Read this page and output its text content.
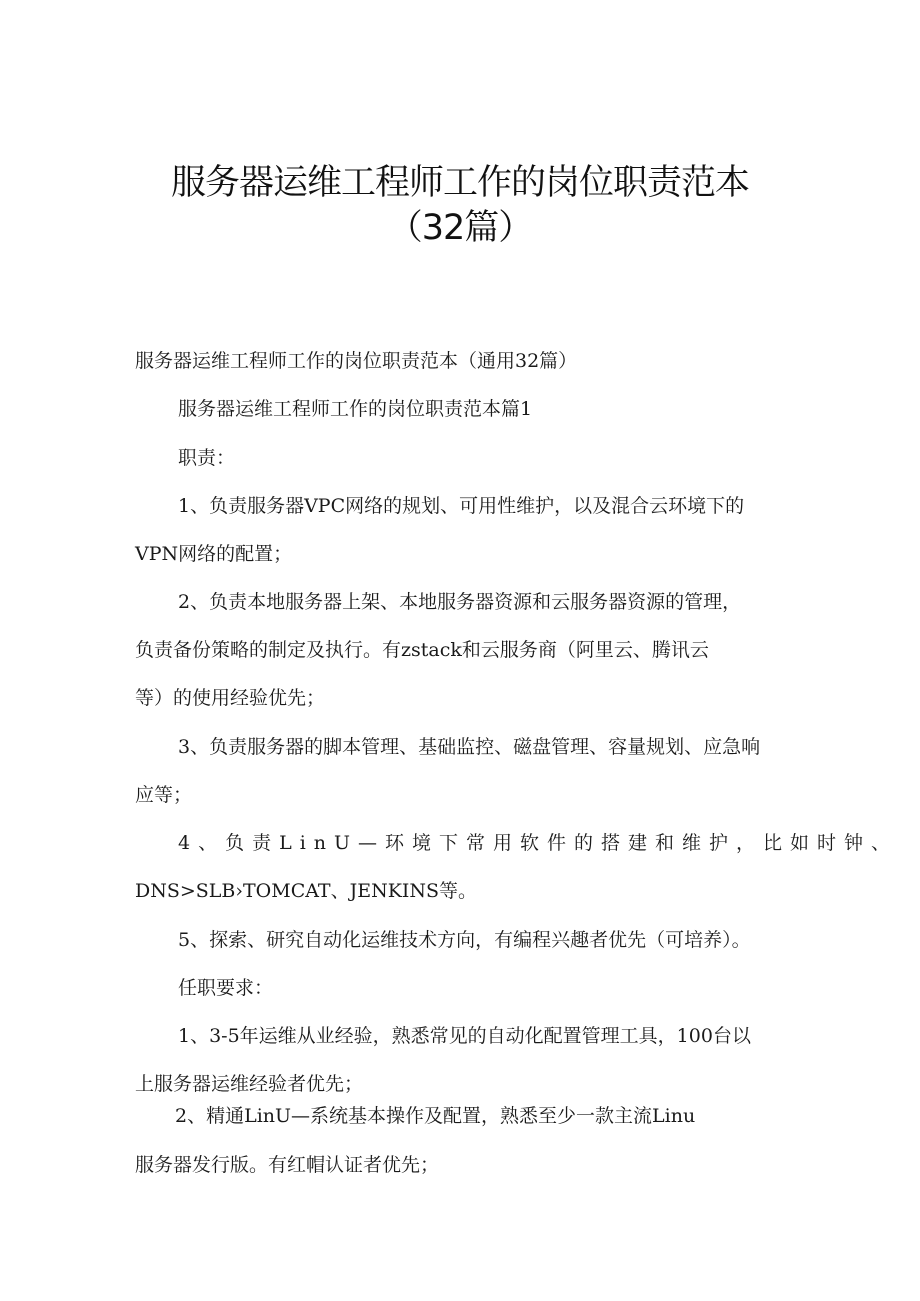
服务器运维工程师工作的岗位职责范本
（32篇）
服务器运维工程师工作的岗位职责范本（通用32篇）
服务器运维工程师工作的岗位职责范本篇1
职责：
1、负责服务器VPC网络的规划、可用性维护，以及混合云环境下的
VPN网络的配置；
2、负责本地服务器上架、本地服务器资源和云服务器资源的管理，
负责备份策略的制定及执行。有zstack和云服务商（阿里云、腾讯云
等）的使用经验优先；
3、负责服务器的脚本管理、基础监控、磁盘管理、容量规划、应急响
应等；
4、负责LinU—环境下常用软件的搭建和维护，比如时钟、
DNS>SLB›TOMCAT、JENKINS等。
5、探索、研究自动化运维技术方向，有编程兴趣者优先（可培养）。
任职要求：
1、3-5年运维从业经验，熟悉常见的自动化配置管理工具，100台以
上服务器运维经验者优先；
2、精通LinU—系统基本操作及配置，熟悉至少一款主流Linu
服务器发行版。有红帽认证者优先；
